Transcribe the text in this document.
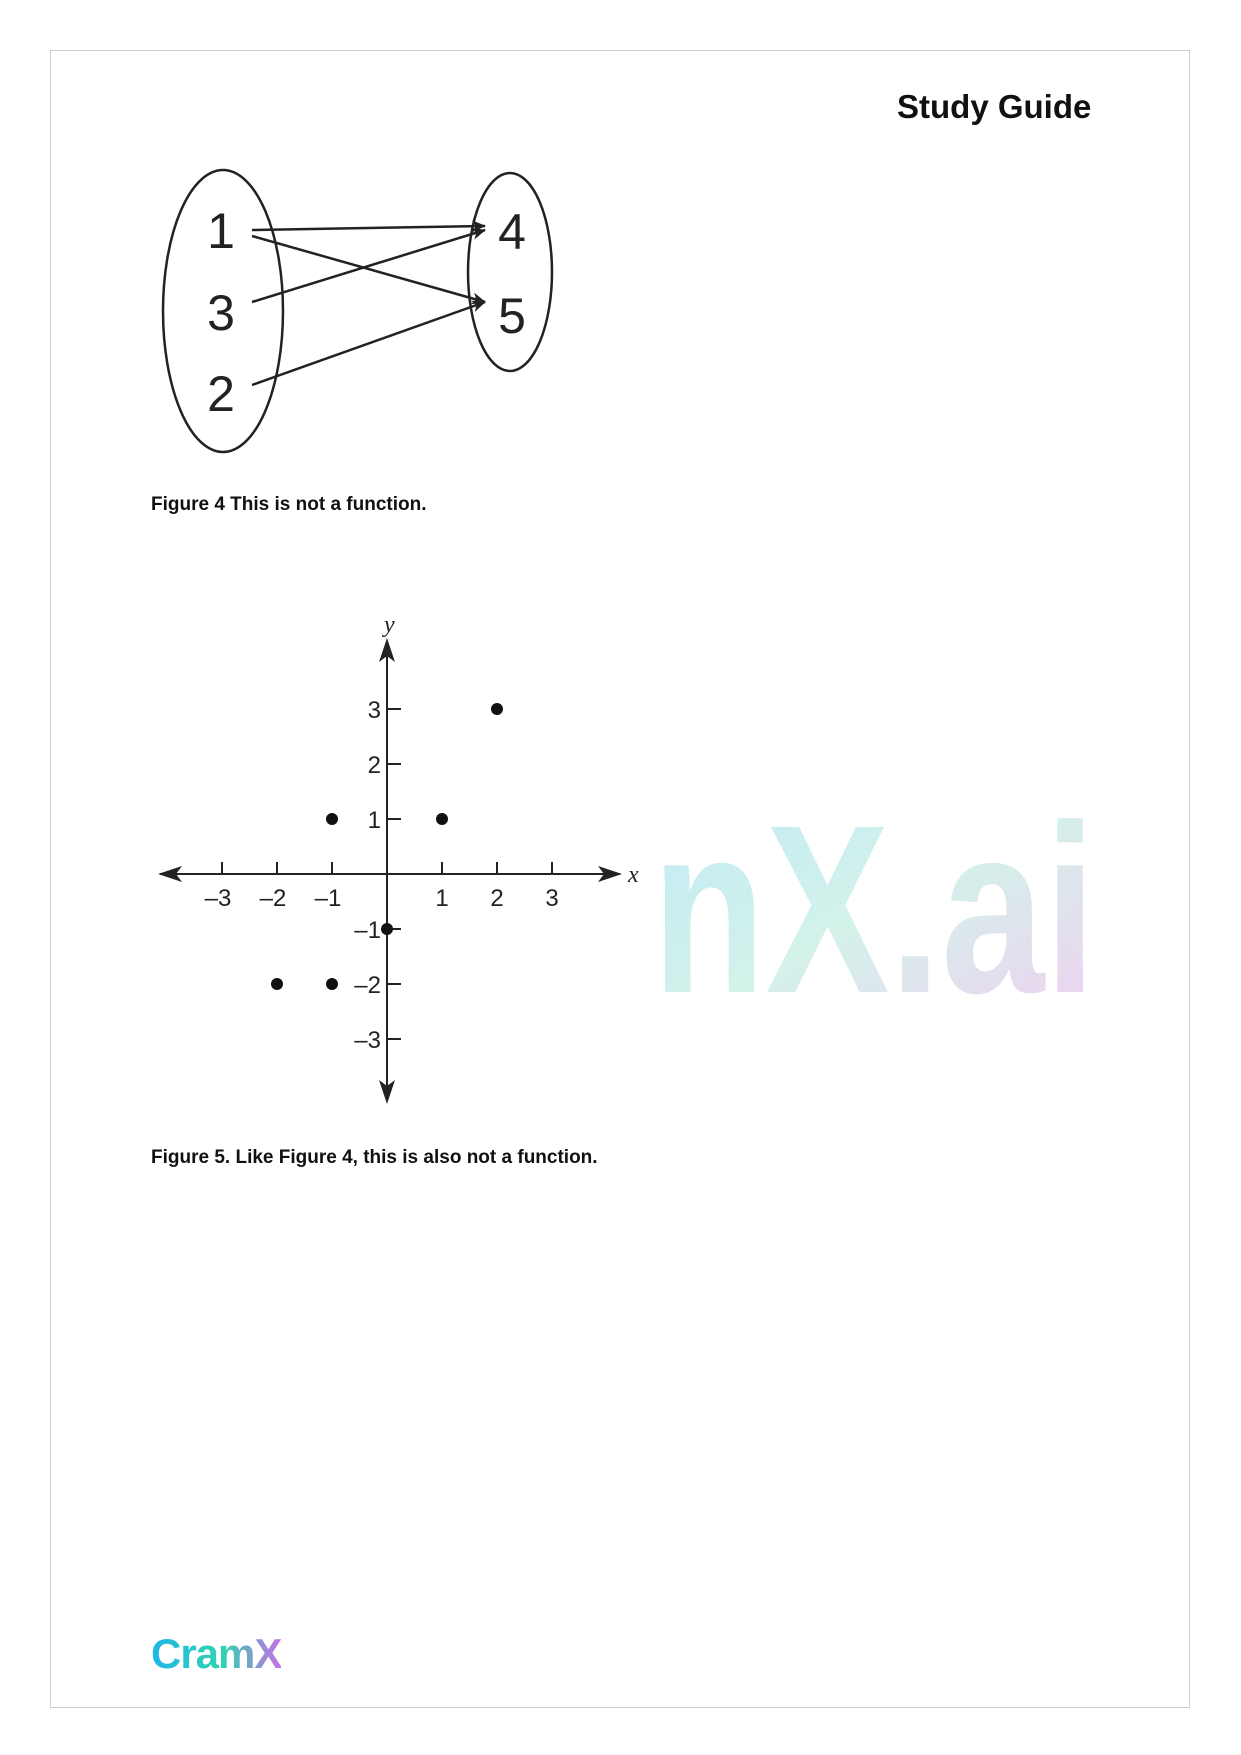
Study Guide
1
3
2
4
5
Figure 4 This is not a function.
nX.ai
–3 –2 –1	1 2 3
3
2
1
–1
–2
–3
y
x
Figure 5. Like Figure 4, this is also not a function.
CramX
